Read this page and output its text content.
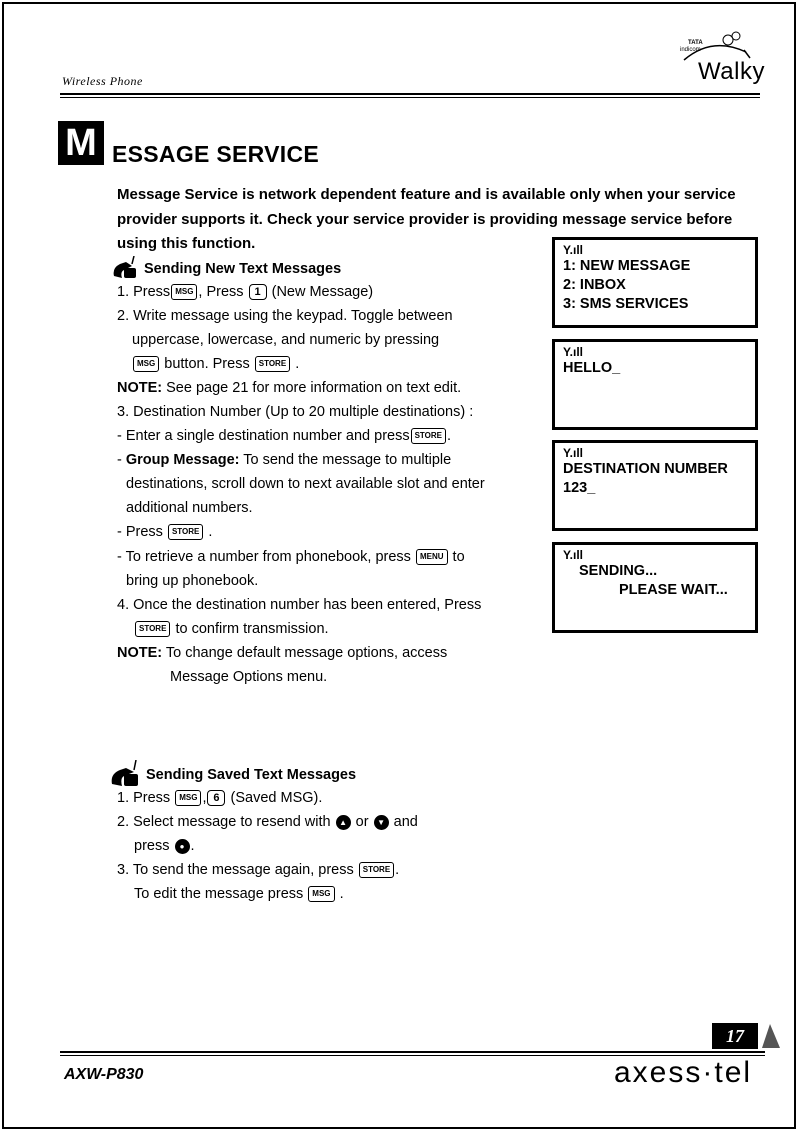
Wireless Phone
TATA
indicom
Walky
M ESSAGE SERVICE
Message Service is network dependent feature and is available only when your service provider supports it. Check your service provider is providing message service before using this function.
Sending New Text Messages
1. Press MSG , Press 1 (New Message)
2. Write message using the keypad. Toggle between
uppercase, lowercase, and numeric by pressing
MSG button. Press STORE .
NOTE: See page 21 for more information on text edit.
3. Destination Number (Up to 20 multiple destinations) :
- Enter a single destination number and press STORE .
- Group Message: To send the message to multiple
destinations, scroll down to next available slot and enter
additional numbers.
- Press STORE .
- To retrieve a number from phonebook, press MENU to
bring up phonebook.
4. Once the destination number has been entered, Press
STORE to confirm transmission.
NOTE: To change default message options, access
Message Options menu.
Sending Saved Text Messages
1. Press MSG , 6 (Saved MSG).
2. Select message to resend with ▲ or ▼ and
press ● .
3. To send the message again, press STORE .
To edit the message press MSG .
Y.ıll
1: NEW MESSAGE
2: INBOX
3: SMS SERVICES
Y.ıll
HELLO_
Y.ıll
DESTINATION NUMBER
123_
Y.ıll
SENDING...
PLEASE WAIT...
17
AXW-P830	axess·tel
